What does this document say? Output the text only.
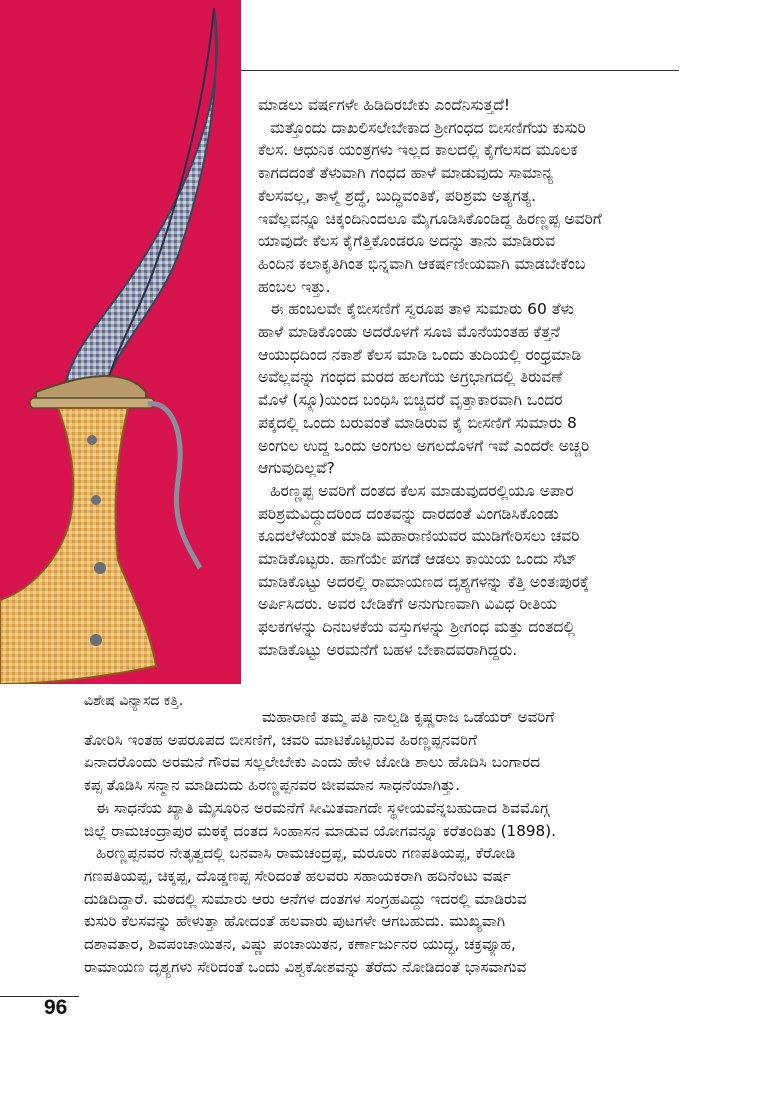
ಮಾಡಲು ವರ್ಷಗಳೇ ಹಿಡಿದಿರಬೇಕು ಎಂದೆನಿಸುತ್ತದೆ!

ಮತ್ತೊಂದು ದಾಖಲಿಸಲೇಬೇಕಾದ ಶ್ರೀಗಂಧದ ಬೀಸಣಿಗೆಯ ಕುಸುರಿ

ಕೆಲಸ. ಆಧುನಿಕ ಯಂತ್ರಗಳು ಇಲ್ಲದ ಕಾಲದಲ್ಲಿ ಕೈಗೆಲಸದ ಮೂಲಕ

ಕಾಗದದಂತೆ ತೆಳುವಾಗಿ ಗಂಧದ ಹಾಳೆ ಮಾಡುವುದು ಸಾಮಾನ್ಯ

ಕೆಲಸವಲ್ಲ, ತಾಳ್ಮೆ ಶ್ರದ್ಧೆ, ಬುದ್ಧಿವಂತಿಕೆ, ಪರಿಶ್ರಮ ಅತ್ಯಗತ್ಯ.

ಇವೆಲ್ಲವನ್ನೂ ಚಿಕ್ಕಂದಿನಿಂದಲೂ ಮೈಗೂಡಿಸಿಕೊಂಡಿದ್ದ ಹಿರಣ್ಣಪ್ಪ ಅವರಿಗೆ

ಯಾವುದೇ ಕೆಲಸ ಕೈಗೆತ್ತಿಕೊಂಡರೂ ಅದನ್ನು ತಾನು ಮಾಡಿರುವ

ಹಿಂದಿನ ಕಲಾಕೃತಿಗಿಂತ ಭಿನ್ನವಾಗಿ ಆಕರ್ಷಣೀಯವಾಗಿ ಮಾಡಬೇಕೆಂಬ

ಹಂಬಲ ಇತ್ತು.

ಈ ಹಂಬಲವೇ ಕೈಬೀಸಣಿಗೆ ಸ್ವರೂಪ ತಾಳಿ ಸುಮಾರು 60 ತೆಳು

ಹಾಳೆ ಮಾಡಿಕೊಂಡು ಅದರೊಳಗೆ ಸೂಜಿ ಮೊನೆಯಂತಹ ಕೆತ್ತನೆ

ಆಯುಧದಿಂದ ನಕಾಶೆ ಕೆಲಸ ಮಾಡಿ ಒಂದು ತುದಿಯಲ್ಲಿ ರಂಧ್ರಮಾಡಿ

ಅವೆಲ್ಲವನ್ನು ಗಂಧದ ಮರದ ಹಲಗೆಯ ಅಗ್ರಭಾಗದಲ್ಲಿ ತಿರುವಣೆ

ಮೊಳೆ (ಸ್ಕ್ರೂ)ಯಿಂದ ಬಂಧಿಸಿ ಬಿಚ್ಚಿದರೆ ವೃತ್ತಾಕಾರವಾಗಿ ಒಂದರ

ಪಕ್ಕದಲ್ಲಿ ಒಂದು ಬರುವಂತೆ ಮಾಡಿರುವ ಕೈ ಬೀಸಣಿಗೆ ಸುಮಾರು 8

ಅಂಗುಲ ಉದ್ದ ಒಂದು ಅಂಗುಲ ಅಗಲದೊಳಗೆ ಇವೆ ಎಂದರೇ ಅಚ್ಚರಿ

ಆಗುವುದಿಲ್ಲವೆ?

ಹಿರಣ್ಣಪ್ಪ ಅವರಿಗೆ ದಂತದ ಕೆಲಸ ಮಾಡುವುದರಲ್ಲಿಯೂ ಅಪಾರ

ಪರಿಶ್ರಮವಿದ್ದುದರಿಂದ ದಂತವನ್ನು ದಾರದಂತೆ ವಿಂಗಡಿಸಿಕೊಂಡು

ಕೂದಲೆಳೆಯಂತೆ ಮಾಡಿ ಮಹಾರಾಣಿಯವರ ಮುಡಿಗೇರಿಸಲು ಚವರಿ

ಮಾಡಿಕೊಟ್ಟರು. ಹಾಗೆಯೇ ಪಗಡೆ ಆಡಲು ಕಾಯಿಯ ಒಂದು ಸೆಟ್

ಮಾಡಿಕೊಟ್ಟು ಅದರಲ್ಲಿ ರಾಮಾಯಣದ ದೃಶ್ಯಗಳನ್ನು ಕೆತ್ತಿ ಅಂತಃಪುರಕ್ಕೆ

ಅರ್ಪಿಸಿದರು. ಅವರ ಬೇಡಿಕೆಗೆ ಅನುಗುಣವಾಗಿ ವಿವಿಧ ರೀತಿಯ

ಫಲಕಗಳನ್ನು ದಿನಬಳಕೆಯ ವಸ್ತುಗಳನ್ನು ಶ್ರೀಗಂಧ ಮತ್ತು ದಂತದಲ್ಲಿ

ಮಾಡಿಕೊಟ್ಟು ಅರಮನೆಗೆ ಬಹಳ ಬೇಕಾದವರಾಗಿದ್ದರು.

ವಿಶೇಷ ವಿನ್ಯಾಸದ ಕತ್ತಿ.

ಮಹಾರಾಣಿ ತಮ್ಮ ಪತಿ ನಾಲ್ವಡಿ ಕೃಷ್ಣರಾಜ ಒಡೆಯರ್ ಅವರಿಗೆ

ತೋರಿಸಿ ಇಂತಹ ಅಪರೂಪದ ಬೀಸಣಿಗೆ, ಚವರಿ ಮಾಟಿಕೊಟ್ಟಿರುವ ಹಿರಣ್ಣಪ್ಪನವರಿಗೆ

ಏನಾದರೊಂದು ಅರಮನೆ ಗೌರವ ಸಲ್ಲಲೇಬೇಕು ಎಂದು ಹೇಳಿ ಜೋಡಿ ಶಾಲು ಹೊದಿಸಿ ಬಂಗಾರದ

ಕಪ್ಪ ತೊಡಿಸಿ ಸನ್ಮಾನ ಮಾಡಿದುದು ಹಿರಣ್ಣಪ್ಪನವರ ಜೀವಮಾನ ಸಾಧನೆಯಾಗಿತ್ತು.

ಈ ಸಾಧನೆಯ ಖ್ಯಾತಿ ಮೈಸೂರಿನ ಅರಮನೆಗೆ ಸೀಮಿತವಾಗದೇ ಸ್ಥಳೀಯವೆನ್ನಬಹುದಾದ ಶಿವಮೊಗ್ಗ

ಜಿಲ್ಲೆ ರಾಮಚಂದ್ರಾಪುರ ಮಠಕ್ಕೆ ದಂತದ ಸಿಂಹಾಸನ ಮಾಡುವ ಯೋಗವನ್ನೂ ಕರೆತಂದಿತು (1898).

ಹಿರಣ್ಣಪ್ಪನವರ ನೇತೃತ್ವದಲ್ಲಿ ಬನವಾಸಿ ರಾಮಚಂದ್ರಪ್ಪ, ಮರೂರು ಗಣಪತಿಯಪ್ಪ, ಕೆರೋಡಿ

ಗಣಪತಿಯಪ್ಪ, ಚಿಕ್ಕಪ್ಪ, ದೊಡ್ಡಣಪ್ಪ ಸೇರಿದಂತೆ ಹಲವರು ಸಹಾಯಕರಾಗಿ ಹದಿನೆಂಟು ವರ್ಷ

ದುಡಿದಿದ್ದಾರೆ. ಮಠದಲ್ಲಿ ಸುಮಾರು ಆರು ಆನೆಗಳ ದಂತಗಳ ಸಂಗ್ರಹವಿದ್ದು ಇದರಲ್ಲಿ ಮಾಡಿರುವ

ಕುಸುರಿ ಕೆಲಸವನ್ನು ಹೇಳುತ್ತಾ ಹೋದಂತೆ ಹಲವಾರು ಪುಟಗಳೇ ಆಗಬಹುದು. ಮುಖ್ಯವಾಗಿ

ದಶಾವತಾರ, ಶಿವಪಂಚಾಯಿತನ, ವಿಷ್ಣು ಪಂಚಾಯಿತನ, ಕರ್ಣಾರ್ಜುನರ ಯುದ್ಧ, ಚಕ್ರವ್ಯೂಹ,

ರಾಮಾಯಣ ದೃಶ್ಯಗಳು ಸೇರಿದಂತೆ ಒಂದು ವಿಶ್ವಕೋಶವನ್ನು ತೆರೆದು ನೋಡಿದಂತೆ ಭಾಸವಾಗುವ

96
